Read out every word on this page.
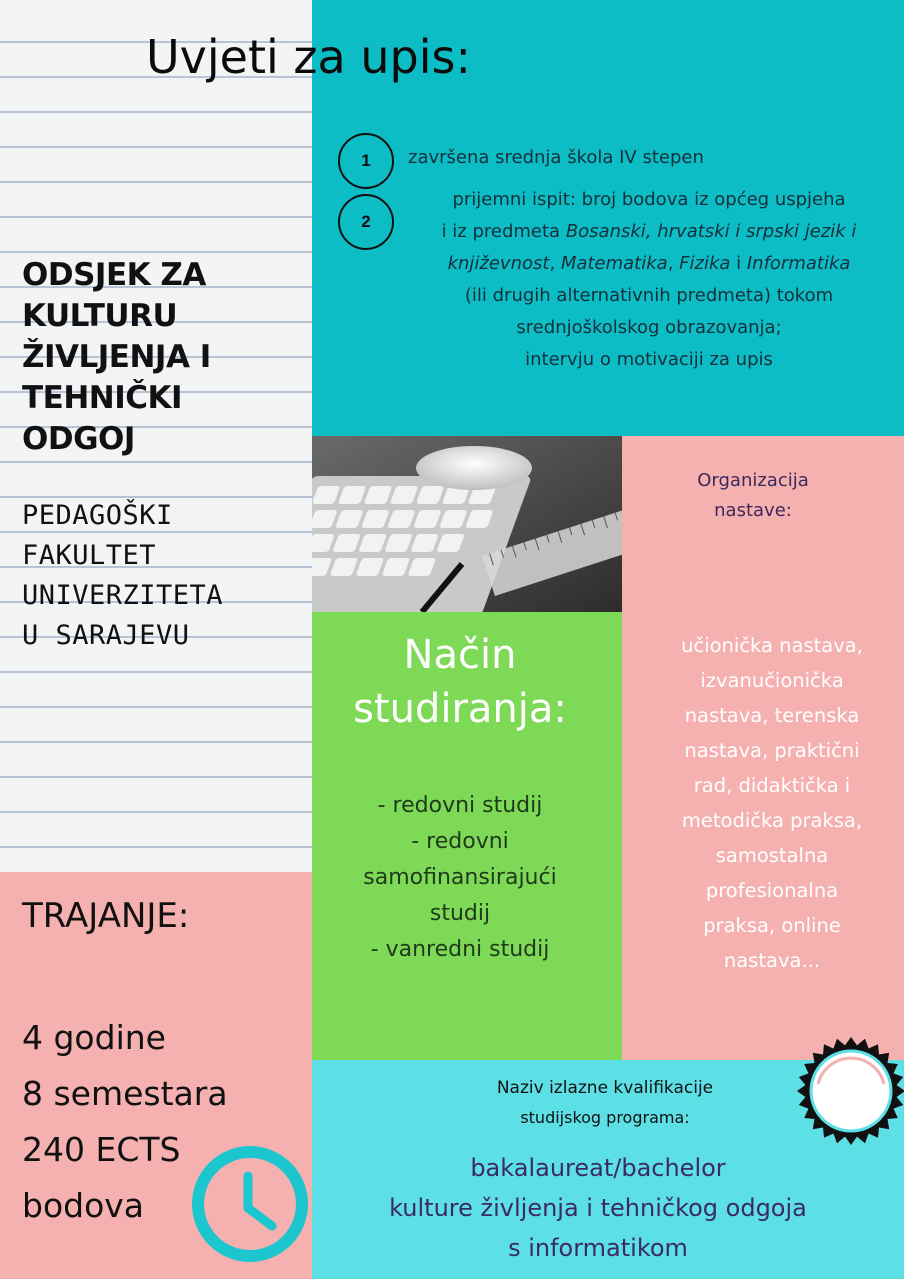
ODSJEK ZA
KULTURU
ŽIVLJENJA I
TEHNIČKI
ODGOJ
PEDAGOŠKI
FAKULTET
UNIVERZITETA
U SARAJEVU
Uvjeti za upis:
1
2
završena srednja škola IV stepen
prijemni ispit: broj bodova iz općeg uspjeha
i iz predmeta Bosanski, hrvatski i srpski jezik i
književnost, Matematika, Fizika i Informatika
(ili drugih alternativnih predmeta) tokom
srednjoškolskog obrazovanja;
intervju o motivaciji za upis
Način
studiranja:
- redovni studij
- redovni
samofinansirajući
studij
- vanredni studij
Organizacija
nastave:
učionička nastava,
izvanučionička
nastava, terenska
nastava, praktični
rad, didaktička i
metodička praksa,
samostalna
profesionalna
praksa, online
nastava...
TRAJANJE:
4 godine
8 semestara
240 ECTS
bodova
Naziv izlazne kvalifikacije
studijskog programa:
bakalaureat/bachelor
kulture življenja i tehničkog odgoja
s informatikom
